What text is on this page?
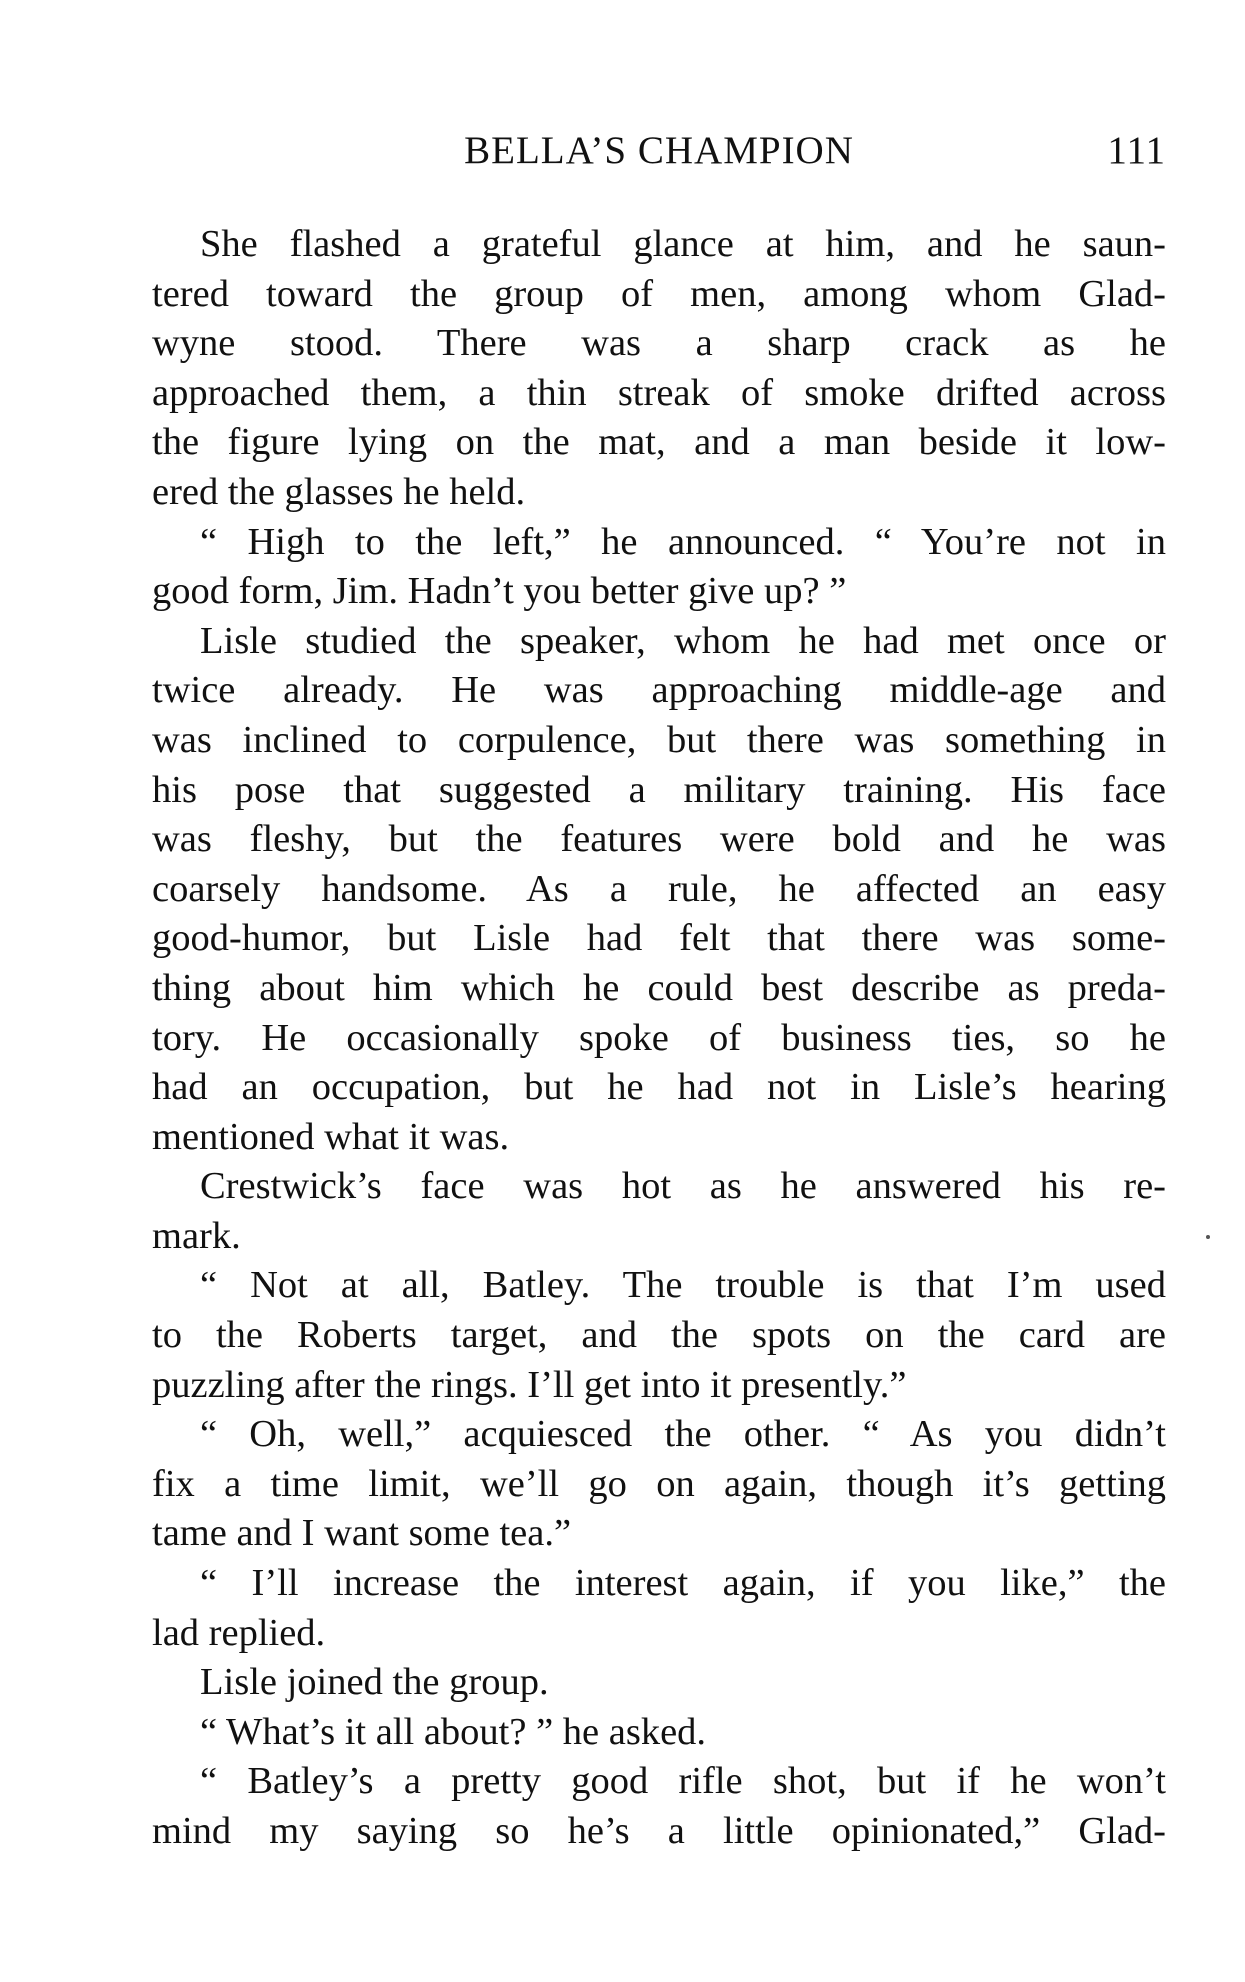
BELLA’S CHAMPION	111
She flashed a grateful glance at him, and he saun-
tered toward the group of men, among whom Glad-
wyne stood. There was a sharp crack as he
approached them, a thin streak of smoke drifted across
the figure lying on the mat, and a man beside it low-
ered the glasses he held.
“ High to the left,” he announced. “ You’re not in
good form, Jim. Hadn’t you better give up? ”
Lisle studied the speaker, whom he had met once or
twice already. He was approaching middle-age and
was inclined to corpulence, but there was something in
his pose that suggested a military training. His face
was fleshy, but the features were bold and he was
coarsely handsome. As a rule, he affected an easy
good-humor, but Lisle had felt that there was some-
thing about him which he could best describe as preda-
tory. He occasionally spoke of business ties, so he
had an occupation, but he had not in Lisle’s hearing
mentioned what it was.
Crestwick’s face was hot as he answered his re-
mark.
“ Not at all, Batley. The trouble is that I’m used
to the Roberts target, and the spots on the card are
puzzling after the rings. I’ll get into it presently.”
“ Oh, well,” acquiesced the other. “ As you didn’t
fix a time limit, we’ll go on again, though it’s getting
tame and I want some tea.”
“ I’ll increase the interest again, if you like,” the
lad replied.
Lisle joined the group.
“ What’s it all about? ” he asked.
“ Batley’s a pretty good rifle shot, but if he won’t
mind my saying so he’s a little opinionated,” Glad-
